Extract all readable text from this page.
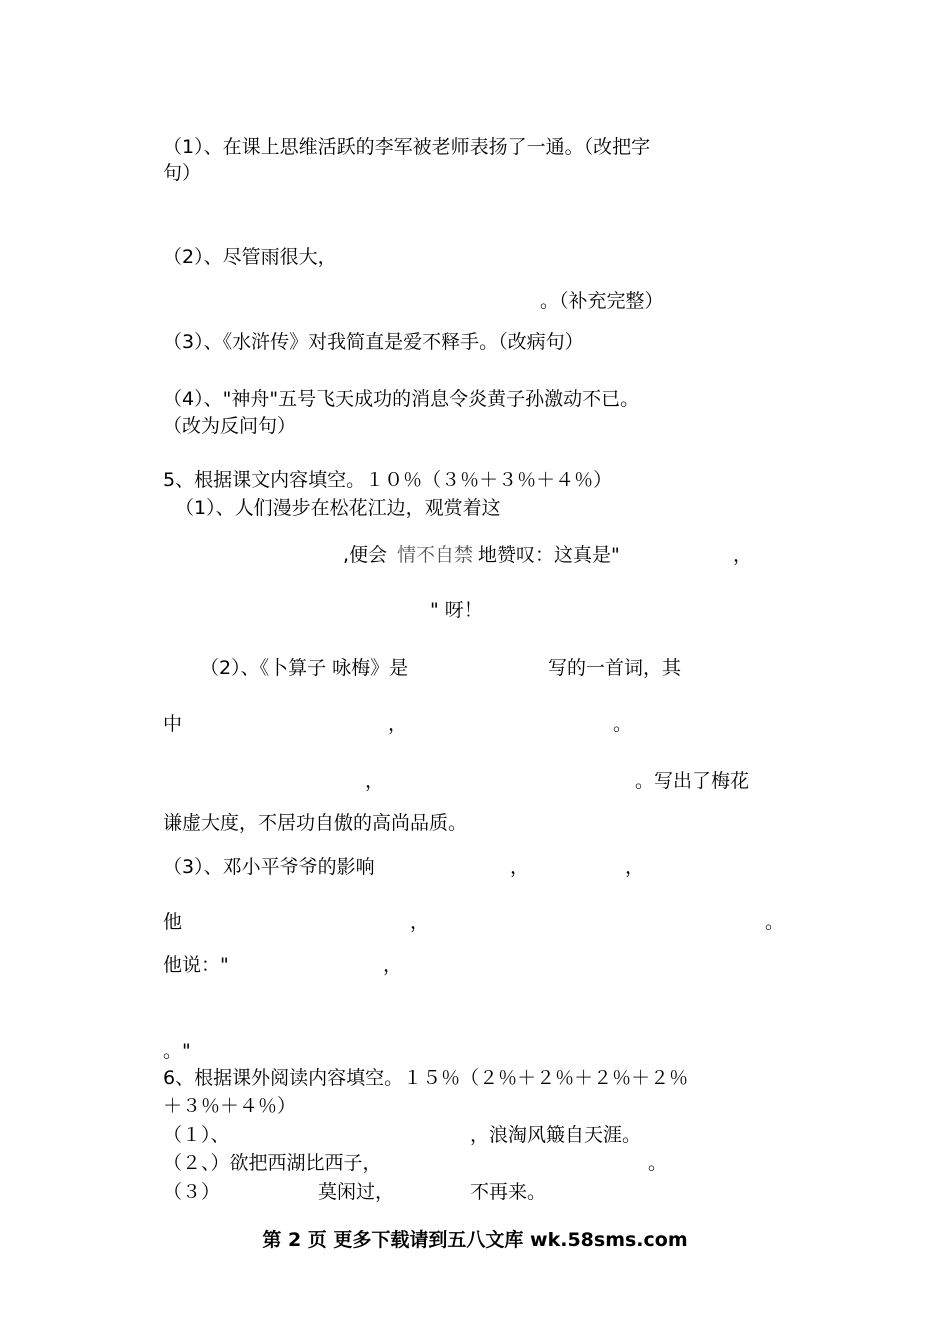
（1）、在课上思维活跃的李军被老师表扬了一通。（改把字
句）
（2）、尽管雨很大，
。（补充完整）
（3）、《水浒传》对我简直是爱不释手。（改病句）
（4）、"神舟"五号飞天成功的消息令炎黄子孙激动不已。
（改为反问句）
5、根据课文内容填空。１０％（３％＋３％＋４％）
（1）、人们漫步在松花江边，观赏着这
,便会 情不自禁 地赞叹：这真是"	，
" 呀！
（2）、《卜算子 咏梅》是	写的一首词，其
中	，	。
，	。写出了梅花
谦虚大度，不居功自傲的高尚品质。
（3）、邓小平爷爷的影响	，	，
他	，	。
他说："	，
。"
6、根据课外阅读内容填空。１５％（２％＋２％＋２％＋２％
＋３％＋４％）
（１）、	，浪淘风簸自天涯。
（２、）欲把西湖比西子，	。
（３）	莫闲过，	不再来。
第 2 页 更多下载请到五八文库 wk.58sms.com
